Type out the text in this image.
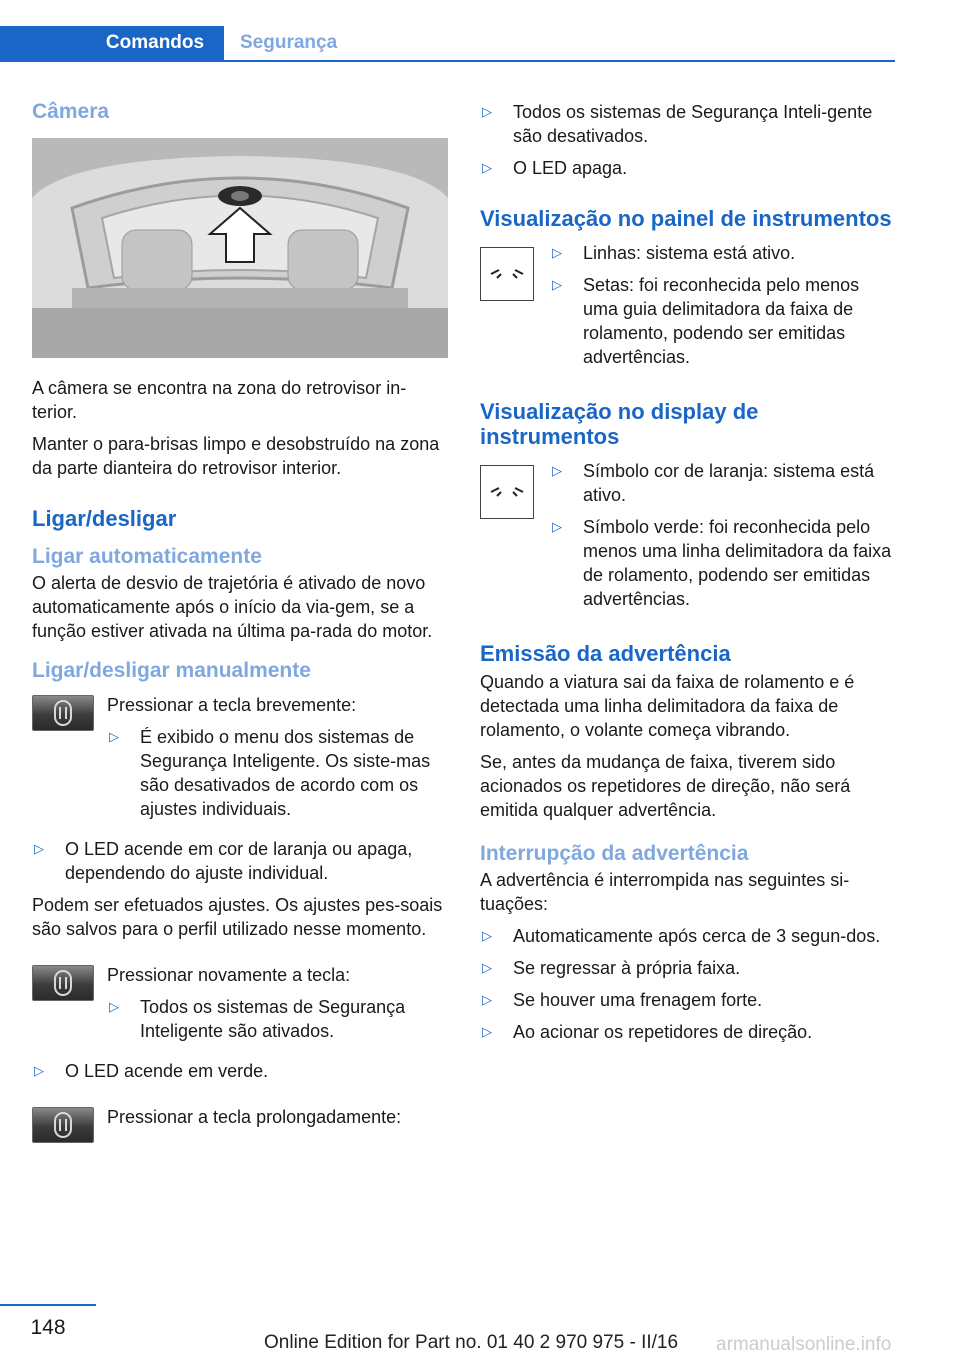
Comandos Segurança
Câmera

A câmera se encontra na zona do retrovisor in-terior.

Manter o para-brisas limpo e desobstruído na zona da parte dianteira do retrovisor interior.

Ligar/desligar
Ligar automaticamente

O alerta de desvio de trajetória é ativado de novo automaticamente após o início da via-gem, se a função estiver ativada na última pa-rada do motor.

Ligar/desligar manualmente

Pressionar a tecla brevemente:

▷ É exibido o menu dos sistemas de Segurança Inteligente. Os siste-mas são desativados de acordo com os ajustes individuais.
▷ O LED acende em cor de laranja ou apaga, dependendo do ajuste individual.

Podem ser efetuados ajustes. Os ajustes pes-soais são salvos para o perfil utilizado nesse momento.

Pressionar novamente a tecla:

▷ Todos os sistemas de Segurança Inteligente são ativados.
▷ O LED acende em verde.

Pressionar a tecla prolongadamente:

▷ Todos os sistemas de Segurança Inteli-gente são desativados.
▷ O LED apaga.
Visualização no painel de instrumentos
▷ Linhas: sistema está ativo.
▷ Setas: foi reconhecida pelo menos uma guia delimitadora da faixa de rolamento, podendo ser emitidas advertências.
Visualização no display de instrumentos
▷ Símbolo cor de laranja: sistema está ativo.
▷ Símbolo verde: foi reconhecida pelo menos uma linha delimitadora da faixa de rolamento, podendo ser emitidas advertências.
Emissão da advertência

Quando a viatura sai da faixa de rolamento e é detectada uma linha delimitadora da faixa de rolamento, o volante começa vibrando.

Se, antes da mudança de faixa, tiverem sido acionados os repetidores de direção, não será emitida qualquer advertência.

Interrupção da advertência

A advertência é interrompida nas seguintes si-tuações:

▷ Automaticamente após cerca de 3 segun-dos.
▷ Se regressar à própria faixa.
▷ Se houver uma frenagem forte.
▷ Ao acionar os repetidores de direção.
148
Online Edition for Part no. 01 40 2 970 975 - II/16 armanualsonline.info
